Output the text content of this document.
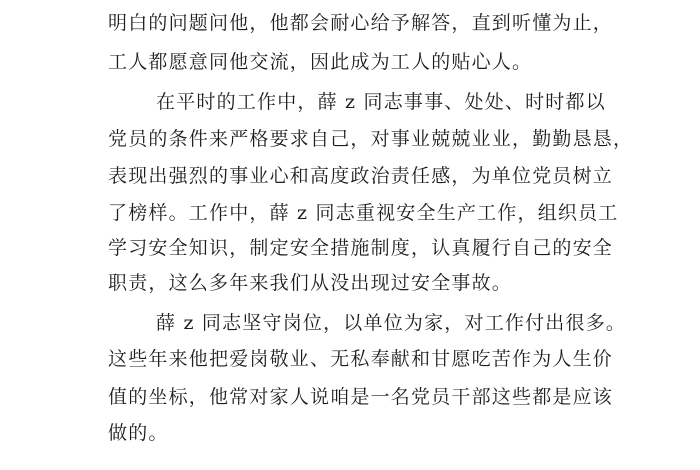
明白的问题问他，他都会耐心给予解答，直到听懂为止，
工人都愿意同他交流，因此成为工人的贴心人。
在平时的工作中，薛 z 同志事事、处处、时时都以
党员的条件来严格要求自己，对事业兢兢业业，勤勤恳恳，
表现出强烈的事业心和高度政治责任感，为单位党员树立
了榜样。工作中，薛 z 同志重视安全生产工作，组织员工
学习安全知识，制定安全措施制度，认真履行自己的安全
职责，这么多年来我们从没出现过安全事故。
薛 z 同志坚守岗位，以单位为家，对工作付出很多。
这些年来他把爱岗敬业、无私奉献和甘愿吃苦作为人生价
值的坐标，他常对家人说咱是一名党员干部这些都是应该
做的。
